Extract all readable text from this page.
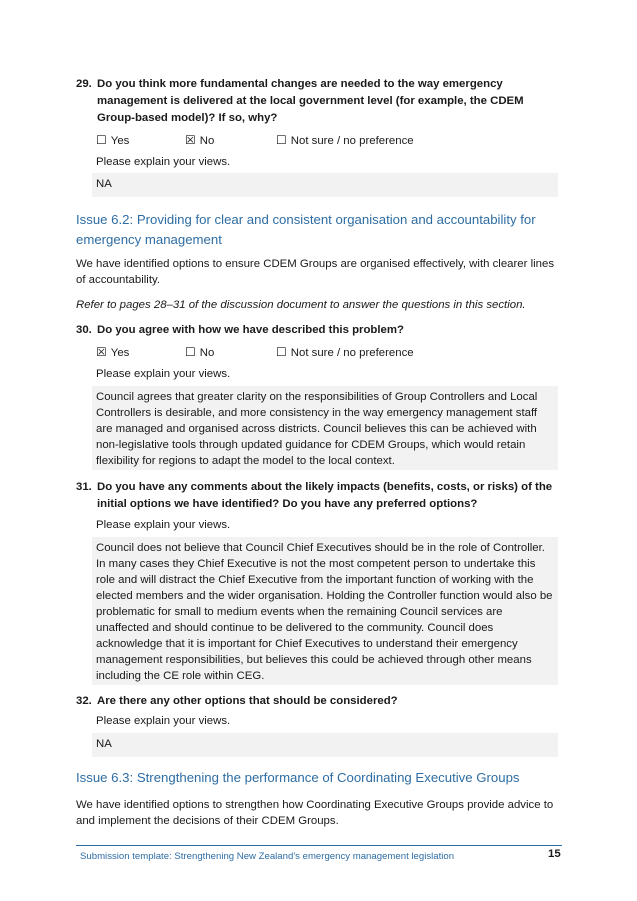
29. Do you think more fundamental changes are needed to the way emergency management is delivered at the local government level (for example, the CDEM Group-based model)? If so, why?
☐ Yes	☒ No	☐ Not sure / no preference
Please explain your views.
NA
Issue 6.2: Providing for clear and consistent organisation and accountability for emergency management
We have identified options to ensure CDEM Groups are organised effectively, with clearer lines of accountability.
Refer to pages 28–31 of the discussion document to answer the questions in this section.
30. Do you agree with how we have described this problem?
☒ Yes	☐ No	☐ Not sure / no preference
Please explain your views.
Council agrees that greater clarity on the responsibilities of Group Controllers and Local Controllers is desirable, and more consistency in the way emergency management staff are managed and organised across districts. Council believes this can be achieved with non-legislative tools through updated guidance for CDEM Groups, which would retain flexibility for regions to adapt the model to the local context.
31. Do you have any comments about the likely impacts (benefits, costs, or risks) of the initial options we have identified? Do you have any preferred options?
Please explain your views.
Council does not believe that Council Chief Executives should be in the role of Controller. In many cases they Chief Executive is not the most competent person to undertake this role and will distract the Chief Executive from the important function of working with the elected members and the wider organisation. Holding the Controller function would also be problematic for small to medium events when the remaining Council services are unaffected and should continue to be delivered to the community. Council does acknowledge that it is important for Chief Executives to understand their emergency management responsibilities, but believes this could be achieved through other means including the CE role within CEG.
32. Are there any other options that should be considered?
Please explain your views.
NA
Issue 6.3: Strengthening the performance of Coordinating Executive Groups
We have identified options to strengthen how Coordinating Executive Groups provide advice to and implement the decisions of their CDEM Groups.
Submission template: Strengthening New Zealand's emergency management legislation	15
